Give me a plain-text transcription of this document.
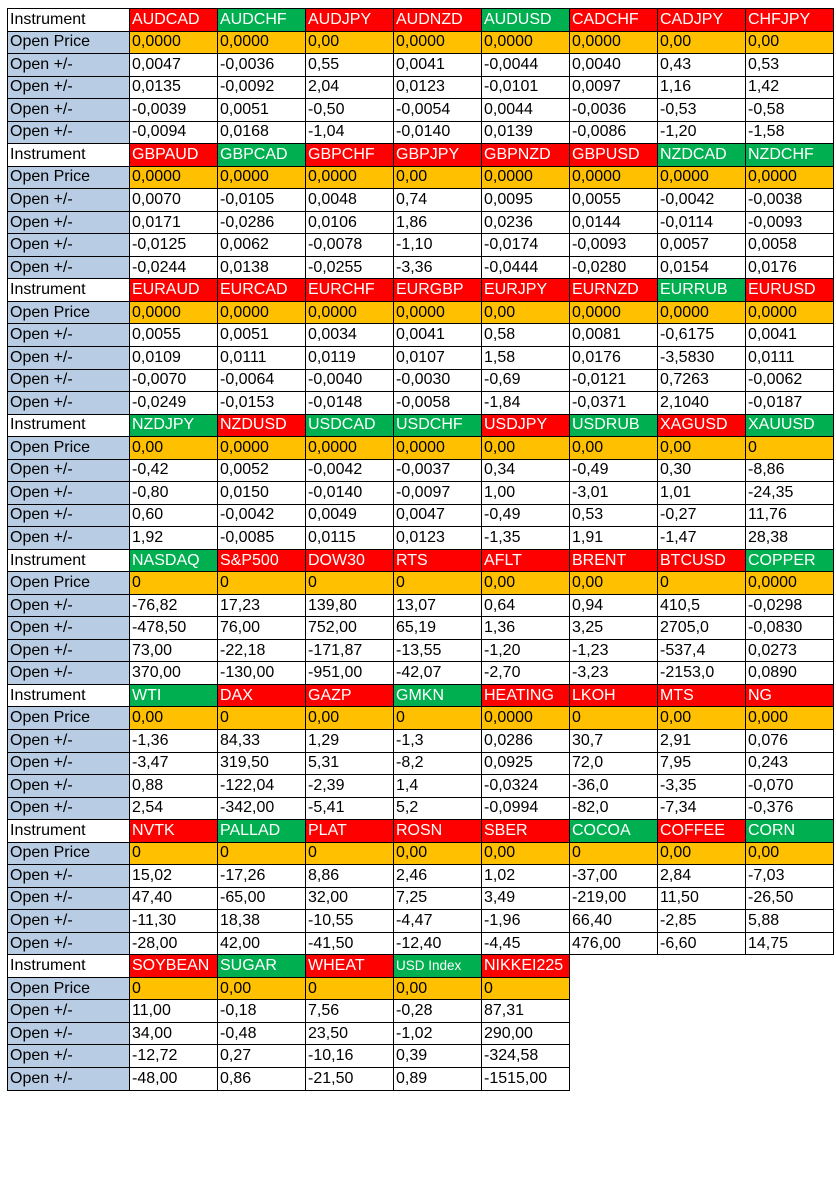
Instrument	AUDCAD	AUDCHF	AUDJPY	AUDNZD	AUDUSD	CADCHF	CADJPY	CHFJPY
Open Price	0,0000	0,0000	0,00	0,0000	0,0000	0,0000	0,00	0,00
Open +/-	0,0047	-0,0036	0,55	0,0041	-0,0044	0,0040	0,43	0,53
Open +/-	0,0135	-0,0092	2,04	0,0123	-0,0101	0,0097	1,16	1,42
Open +/-	-0,0039	0,0051	-0,50	-0,0054	0,0044	-0,0036	-0,53	-0,58
Open +/-	-0,0094	0,0168	-1,04	-0,0140	0,0139	-0,0086	-1,20	-1,58
Instrument	GBPAUD	GBPCAD	GBPCHF	GBPJPY	GBPNZD	GBPUSD	NZDCAD	NZDCHF
Open Price	0,0000	0,0000	0,0000	0,00	0,0000	0,0000	0,0000	0,0000
Open +/-	0,0070	-0,0105	0,0048	0,74	0,0095	0,0055	-0,0042	-0,0038
Open +/-	0,0171	-0,0286	0,0106	1,86	0,0236	0,0144	-0,0114	-0,0093
Open +/-	-0,0125	0,0062	-0,0078	-1,10	-0,0174	-0,0093	0,0057	0,0058
Open +/-	-0,0244	0,0138	-0,0255	-3,36	-0,0444	-0,0280	0,0154	0,0176
Instrument	EURAUD	EURCAD	EURCHF	EURGBP	EURJPY	EURNZD	EURRUB	EURUSD
Open Price	0,0000	0,0000	0,0000	0,0000	0,00	0,0000	0,0000	0,0000
Open +/-	0,0055	0,0051	0,0034	0,0041	0,58	0,0081	-0,6175	0,0041
Open +/-	0,0109	0,0111	0,0119	0,0107	1,58	0,0176	-3,5830	0,0111
Open +/-	-0,0070	-0,0064	-0,0040	-0,0030	-0,69	-0,0121	0,7263	-0,0062
Open +/-	-0,0249	-0,0153	-0,0148	-0,0058	-1,84	-0,0371	2,1040	-0,0187
Instrument	NZDJPY	NZDUSD	USDCAD	USDCHF	USDJPY	USDRUB	XAGUSD	XAUUSD
Open Price	0,00	0,0000	0,0000	0,0000	0,00	0,00	0,00	0
Open +/-	-0,42	0,0052	-0,0042	-0,0037	0,34	-0,49	0,30	-8,86
Open +/-	-0,80	0,0150	-0,0140	-0,0097	1,00	-3,01	1,01	-24,35
Open +/-	0,60	-0,0042	0,0049	0,0047	-0,49	0,53	-0,27	11,76
Open +/-	1,92	-0,0085	0,0115	0,0123	-1,35	1,91	-1,47	28,38
Instrument	NASDAQ	S&P500	DOW30	RTS	AFLT	BRENT	BTCUSD	COPPER
Open Price	0	0	0	0	0,00	0,00	0	0,0000
Open +/-	-76,82	17,23	139,80	13,07	0,64	0,94	410,5	-0,0298
Open +/-	-478,50	76,00	752,00	65,19	1,36	3,25	2705,0	-0,0830
Open +/-	73,00	-22,18	-171,87	-13,55	-1,20	-1,23	-537,4	0,0273
Open +/-	370,00	-130,00	-951,00	-42,07	-2,70	-3,23	-2153,0	0,0890
Instrument	WTI	DAX	GAZP	GMKN	HEATING	LKOH	MTS	NG
Open Price	0,00	0	0,00	0	0,0000	0	0,00	0,000
Open +/-	-1,36	84,33	1,29	-1,3	0,0286	30,7	2,91	0,076
Open +/-	-3,47	319,50	5,31	-8,2	0,0925	72,0	7,95	0,243
Open +/-	0,88	-122,04	-2,39	1,4	-0,0324	-36,0	-3,35	-0,070
Open +/-	2,54	-342,00	-5,41	5,2	-0,0994	-82,0	-7,34	-0,376
Instrument	NVTK	PALLAD	PLAT	ROSN	SBER	COCOA	COFFEE	CORN
Open Price	0	0	0	0,00	0,00	0	0,00	0,00
Open +/-	15,02	-17,26	8,86	2,46	1,02	-37,00	2,84	-7,03
Open +/-	47,40	-65,00	32,00	7,25	3,49	-219,00	11,50	-26,50
Open +/-	-11,30	18,38	-10,55	-4,47	-1,96	66,40	-2,85	5,88
Open +/-	-28,00	42,00	-41,50	-12,40	-4,45	476,00	-6,60	14,75
Instrument	SOYBEAN	SUGAR	WHEAT	USD Index	NIKKEI225			
Open Price	0	0,00	0	0,00	0			
Open +/-	11,00	-0,18	7,56	-0,28	87,31			
Open +/-	34,00	-0,48	23,50	-1,02	290,00			
Open +/-	-12,72	0,27	-10,16	0,39	-324,58			
Open +/-	-48,00	0,86	-21,50	0,89	-1515,00			
